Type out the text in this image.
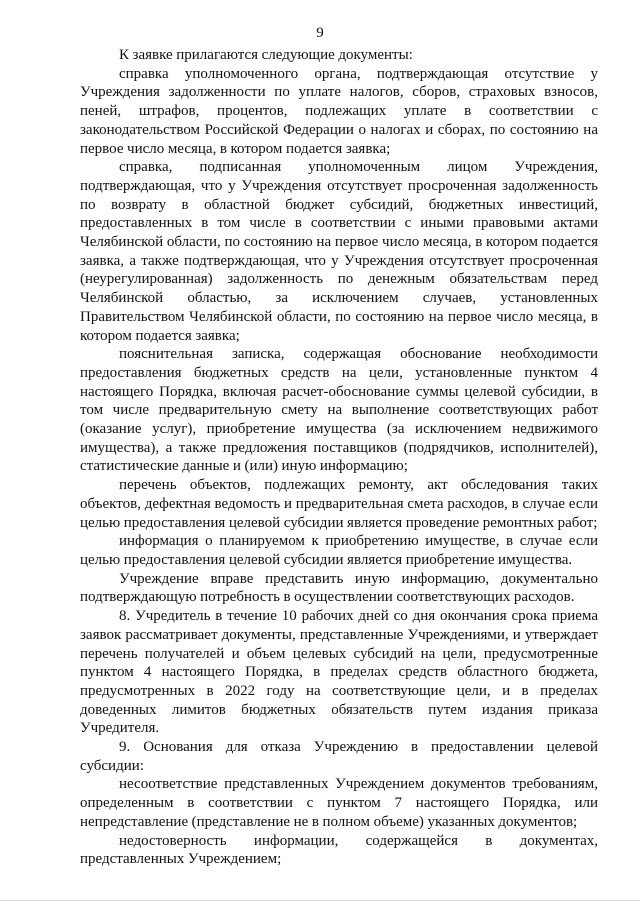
9

К заявке прилагаются следующие документы:

справка уполномоченного органа, подтверждающая отсутствие у Учреждения задолженности по уплате налогов, сборов, страховых взносов, пеней, штрафов, процентов, подлежащих уплате в соответствии с законодательством Российской Федерации о налогах и сборах, по состоянию на первое число месяца, в котором подается заявка;

справка, подписанная уполномоченным лицом Учреждения, подтверждающая, что у Учреждения отсутствует просроченная задолженность по возврату в областной бюджет субсидий, бюджетных инвестиций, предоставленных в том числе в соответствии с иными правовыми актами Челябинской области, по состоянию на первое число месяца, в котором подается заявка, а также подтверждающая, что у Учреждения отсутствует просроченная (неурегулированная) задолженность по денежным обязательствам перед Челябинской областью, за исключением случаев, установленных Правительством Челябинской области, по состоянию на первое число месяца, в котором подается заявка;

пояснительная записка, содержащая обоснование необходимости предоставления бюджетных средств на цели, установленные пунктом 4 настоящего Порядка, включая расчет-обоснование суммы целевой субсидии, в том числе предварительную смету на выполнение соответствующих работ (оказание услуг), приобретение имущества (за исключением недвижимого имущества), а также предложения поставщиков (подрядчиков, исполнителей), статистические данные и (или) иную информацию;

перечень объектов, подлежащих ремонту, акт обследования таких объектов, дефектная ведомость и предварительная смета расходов, в случае если целью предоставления целевой субсидии является проведение ремонтных работ;

информация о планируемом к приобретению имуществе, в случае если целью предоставления целевой субсидии является приобретение имущества.

Учреждение вправе представить иную информацию, документально подтверждающую потребность в осуществлении соответствующих расходов.

8. Учредитель в течение 10 рабочих дней со дня окончания срока приема заявок рассматривает документы, представленные Учреждениями, и утверждает перечень получателей и объем целевых субсидий на цели, предусмотренные пунктом 4 настоящего Порядка, в пределах средств областного бюджета, предусмотренных в 2022 году на соответствующие цели, и в пределах доведенных лимитов бюджетных обязательств путем издания приказа Учредителя.

9. Основания для отказа Учреждению в предоставлении целевой субсидии:

несоответствие представленных Учреждением документов требованиям, определенным в соответствии с пунктом 7 настоящего Порядка, или непредставление (представление не в полном объеме) указанных документов;

недостоверность информации, содержащейся в документах, представленных Учреждением;
